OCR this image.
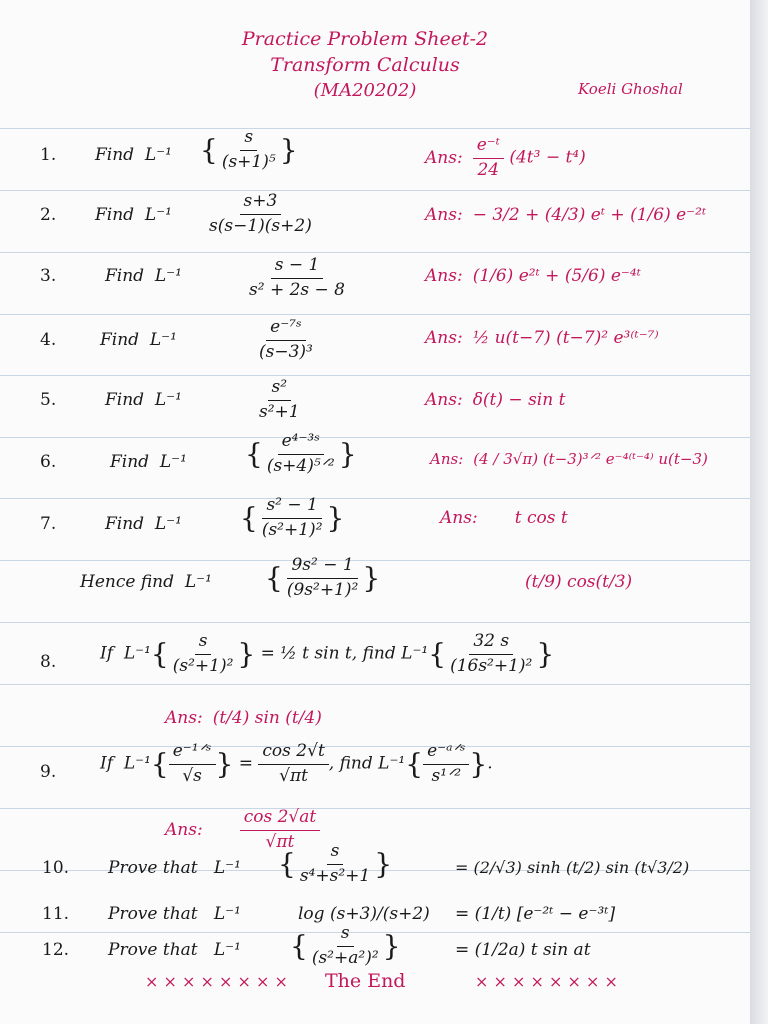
Practice Problem Sheet-2
Transform Calculus
(MA20202)	Koeli Ghoshal
1. Find L⁻¹ { $\frac{s}{\text{(s+1)⁵}}$ }	Ans: $\frac{\text{e⁻ᵗ}}{24} (4t^3 - t^4)$
2. Find $L^{-1} \frac{s+3}{s(s-1)(s+2)}$	Ans: − 3/2 + (4/3) eᵗ + (1/6) e⁻²ᵗ
3.	Find L⁻¹	$\frac{s - 1}{\text{s² + 2s − 8}}$	Ans: (1/6) e²ᵗ + (5/6) e⁻⁴ᵗ
4.	Find L⁻¹	$\frac{\text{e⁻⁷ˢ}}{\text{(s−3)³}}$	Ans: ½ u(t−7) (t−7)² e³⁽ᵗ⁻⁷⁾
5.	Find L⁻¹	$\frac{\text{s²}}{\text{s²+1}}$	Ans: δ(t) − sin t
6.	Find L⁻¹ { $\frac{\text{e⁴⁻³ˢ}}{\text{(s+4)⁵ᐟ²}}$ }	Ans: (4 / 3√π) (t−3)³ᐟ² e⁻⁴⁽ᵗ⁻⁴⁾ u(t−3)
7.	Find L⁻¹ { $\frac{\text{s² − 1}}{\text{(s²+1)²}}$ }	Ans: t cos t
Hence find L⁻¹ { $\frac{\text{9s² − 1}}{\text{(9s²+1)²}}$ }	(t/9) cos(t/3)
8.	If $L^{-1}\{ \frac{s}{\text{(s²+1)²}}$ } = ½ t sin t, find $L^{-1}\{ \frac{32 s}{\text{(16s²+1)²}}$ }
Ans: (t/4) sin (t/4)
9.	If $L^{-1}\{ \frac{\text{e⁻¹ᐟˢ}}{√s}$ } = $\frac{\cos 2√t}{√\pi t}$ , find $L^{-1}\{ \frac{\text{e⁻ᵃᐟˢ}}{\text{s¹ᐟ²}}$ }.
Ans: $\frac{\cos 2√at}{√\pi t}$
10. Prove that L⁻¹ { $\frac{s}{\text{s⁴+s²+1}}$ }	= (2/√3) sinh (t/2) sin (t√3/2)
11. Prove that L⁻¹	log (s+3)/(s+2) = (1/t) [e⁻²ᵗ − e⁻³ᵗ]
12. Prove that L⁻¹ { $\frac{s}{\text{(s²+a²)²}}$ }	= (1/2a) t sin at
× × × × × × × × The End	× × × × × × × ×
